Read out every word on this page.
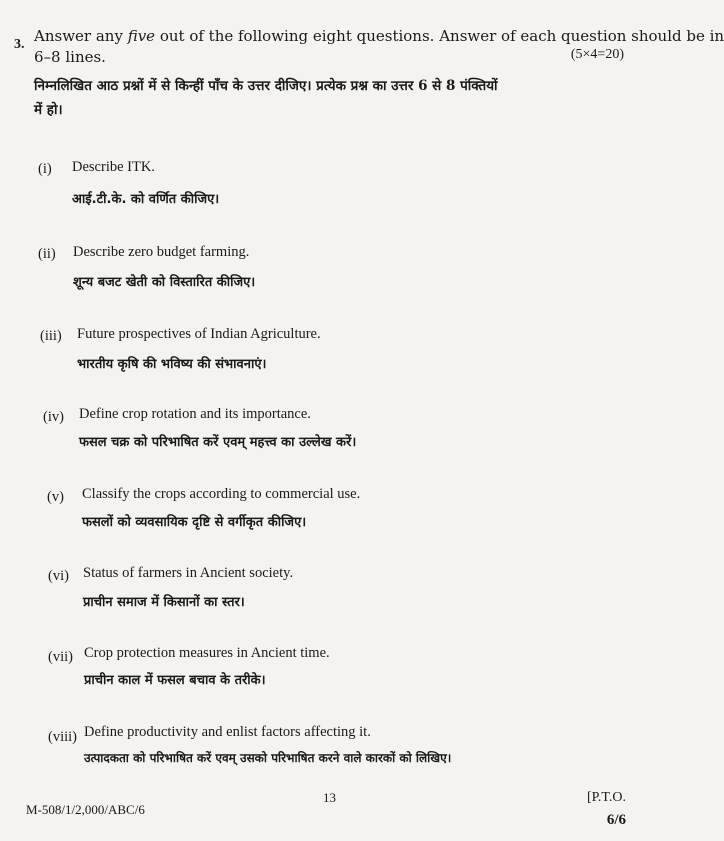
3. Answer any five out of the following eight questions. Answer of each question should be in
6–8 lines.	(5×4=20)
निम्नलिखित आठ प्रश्नों में से किन्हीं पाँच के उत्तर दीजिए। प्रत्येक प्रश्न का उत्तर 6 से 8 पंक्तियों
में हो।
(i) Describe ITK.
आई.टी.के. को वर्णित कीजिए।
(ii) Describe zero budget farming.
शून्य बजट खेती को विस्तारित कीजिए।
(iii) Future prospectives of Indian Agriculture.
भारतीय कृषि की भविष्य की संभावनाएं।
(iv) Define crop rotation and its importance.
फसल चक्र को परिभाषित करें एवम् महत्त्व का उल्लेख करें।
(v) Classify the crops according to commercial use.
फसलों को व्यवसायिक दृष्टि से वर्गीकृत कीजिए।
(vi) Status of farmers in Ancient society.
प्राचीन समाज में किसानों का स्तर।
(vii) Crop protection measures in Ancient time.
प्राचीन काल में फसल बचाव के तरीके।
(viii) Define productivity and enlist factors affecting it.
उत्पादकता को परिभाषित करें एवम् उसको परिभाषित करने वाले कारकों को लिखिए।
M-508/1/2,000/ABC/6
13	[P.T.O.
6/6
